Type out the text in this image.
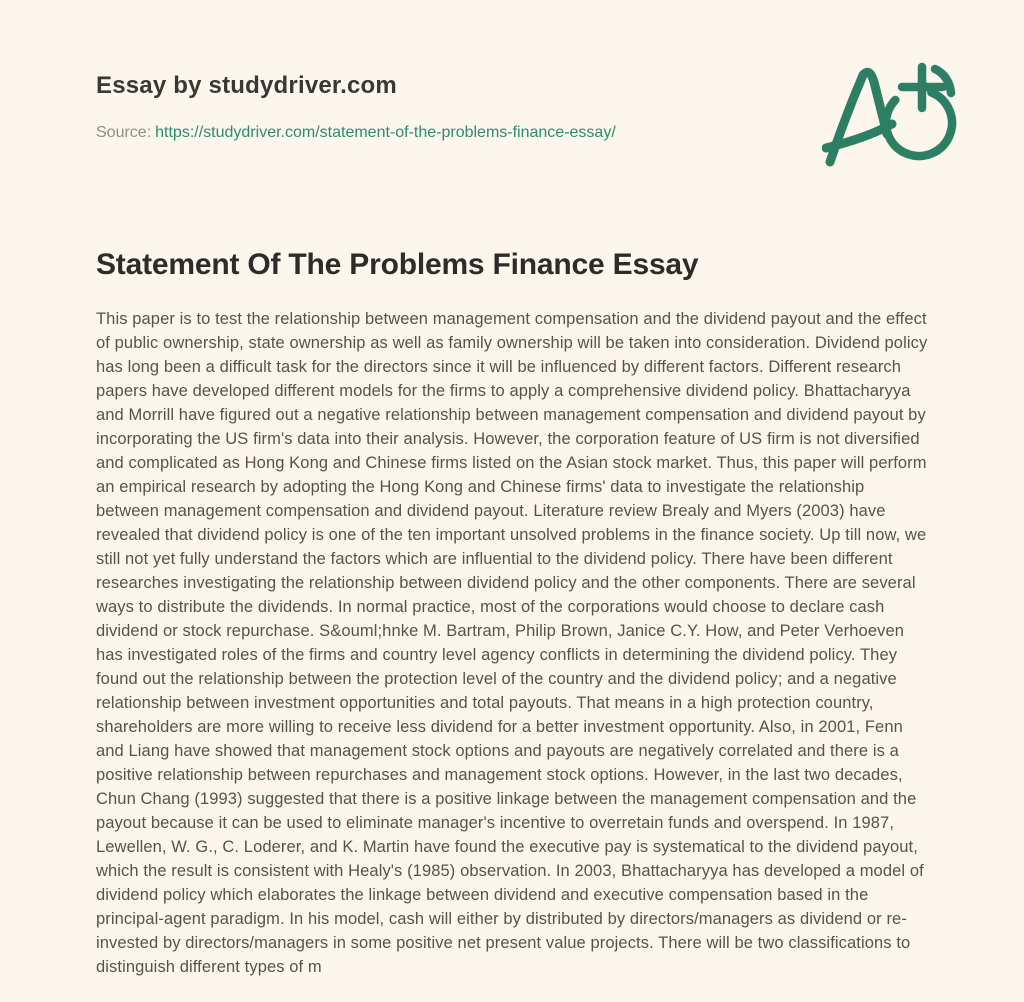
Essay by studydriver.com
Source: https://studydriver.com/statement-of-the-problems-finance-essay/
Statement Of The Problems Finance Essay

This paper is to test the relationship between management compensation and the dividend payout and the effect of public ownership, state ownership as well as family ownership will be taken into consideration. Dividend policy has long been a difficult task for the directors since it will be influenced by different factors. Different research papers have developed different models for the firms to apply a comprehensive dividend policy. Bhattacharyya and Morrill have figured out a negative relationship between management compensation and dividend payout by incorporating the US firm's data into their analysis. However, the corporation feature of US firm is not diversified and complicated as Hong Kong and Chinese firms listed on the Asian stock market. Thus, this paper will perform an empirical research by adopting the Hong Kong and Chinese firms' data to investigate the relationship between management compensation and dividend payout. Literature review Brealy and Myers (2003) have revealed that dividend policy is one of the ten important unsolved problems in the finance society. Up till now, we still not yet fully understand the factors which are influential to the dividend policy. There have been different researches investigating the relationship between dividend policy and the other components. There are several ways to distribute the dividends. In normal practice, most of the corporations would choose to declare cash dividend or stock repurchase. S&ouml;hnke M. Bartram, Philip Brown, Janice C.Y. How, and Peter Verhoeven has investigated roles of the firms and country level agency conflicts in determining the dividend policy. They found out the relationship between the protection level of the country and the dividend policy; and a negative relationship between investment opportunities and total payouts. That means in a high protection country, shareholders are more willing to receive less dividend for a better investment opportunity. Also, in 2001, Fenn and Liang have showed that management stock options and payouts are negatively correlated and there is a positive relationship between repurchases and management stock options. However, in the last two decades, Chun Chang (1993) suggested that there is a positive linkage between the management compensation and the payout because it can be used to eliminate manager's incentive to overretain funds and overspend. In 1987, Lewellen, W. G., C. Loderer, and K. Martin have found the executive pay is systematical to the dividend payout, which the result is consistent with Healy's (1985) observation. In 2003, Bhattacharyya has developed a model of dividend policy which elaborates the linkage between dividend and executive compensation based in the principal-agent paradigm. In his model, cash will either by distributed by directors/managers as dividend or re-invested by directors/managers in some positive net present value projects. There will be two classifications to distinguish different types of m
